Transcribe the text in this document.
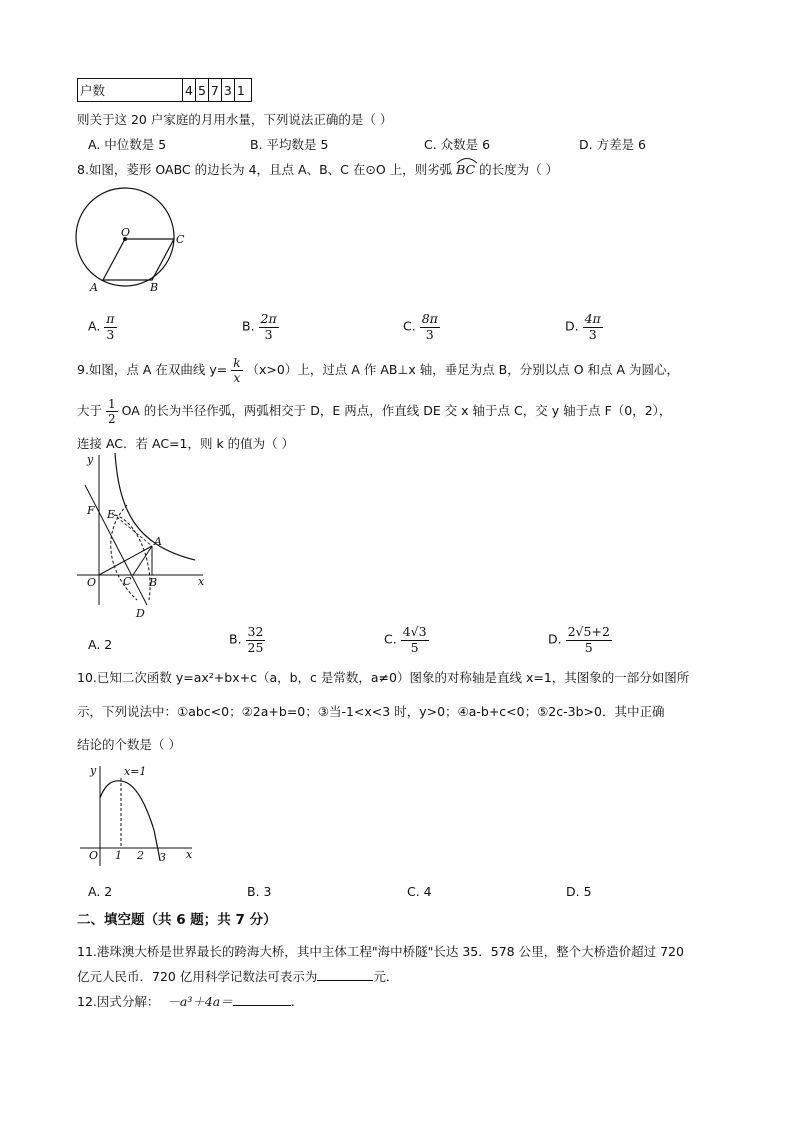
户数	4	5	7	3	1
则关于这 20 户家庭的月用水量，下列说法正确的是（ ）
A. 中位数是 5	B. 平均数是 5	C. 众数是 6	D. 方差是 6
8.如图，菱形 OABC 的边长为 4，且点 A、B、C 在⊙O 上，则劣弧 BC 的长度为（ ）
O
C
A	B
A. $\frac{\pi}{3}$	B. $\frac{2\pi}{3}$	C. $\frac{8\pi}{3}$	D. $\frac{4\pi}{3}$
9.如图，点 A 在双曲线 $y= \frac{k}{x} (x>0)$上，过点 A 作 AB⊥x 轴，垂足为点 B，分别以点 O 和点 A 为圆心，
大于 $\frac{1}{2}$ OA 的长为半径作弧，两弧相交于 D，E 两点，作直线 DE 交 x 轴于点 C，交 y 轴于点 F（0，2），
连接 AC．若 AC=1，则 k 的值为（ ）
y
F E
A
O C B	x
D
A. 2	B. $\frac{32}{25}$	C. $\frac{4√3}{5}$	D. $\frac{2√5+2}{5}$
10.已知二次函数 y=ax²+bx+c（a，b，c 是常数，a≠0）图象的对称轴是直线 x=1，其图象的一部分如图所
示，下列说法中：①abc<0；②2a+b=0；③当-1<x<3 时，y>0；④a-b+c<0；⑤2c-3b>0．其中正确
结论的个数是（ ）
y	x=1
O 1 2 3 x
A. 2	B. 3	C. 4	D. 5
二、填空题（共 6 题；共 7 分）
11.港珠澳大桥是世界最长的跨海大桥，其中主体工程"海中桥隧"长达 35．578 公里，整个大桥造价超过 720
亿元人民币．720 亿用科学记数法可表示为	元．
12.因式分解： －a³＋4a＝	.
